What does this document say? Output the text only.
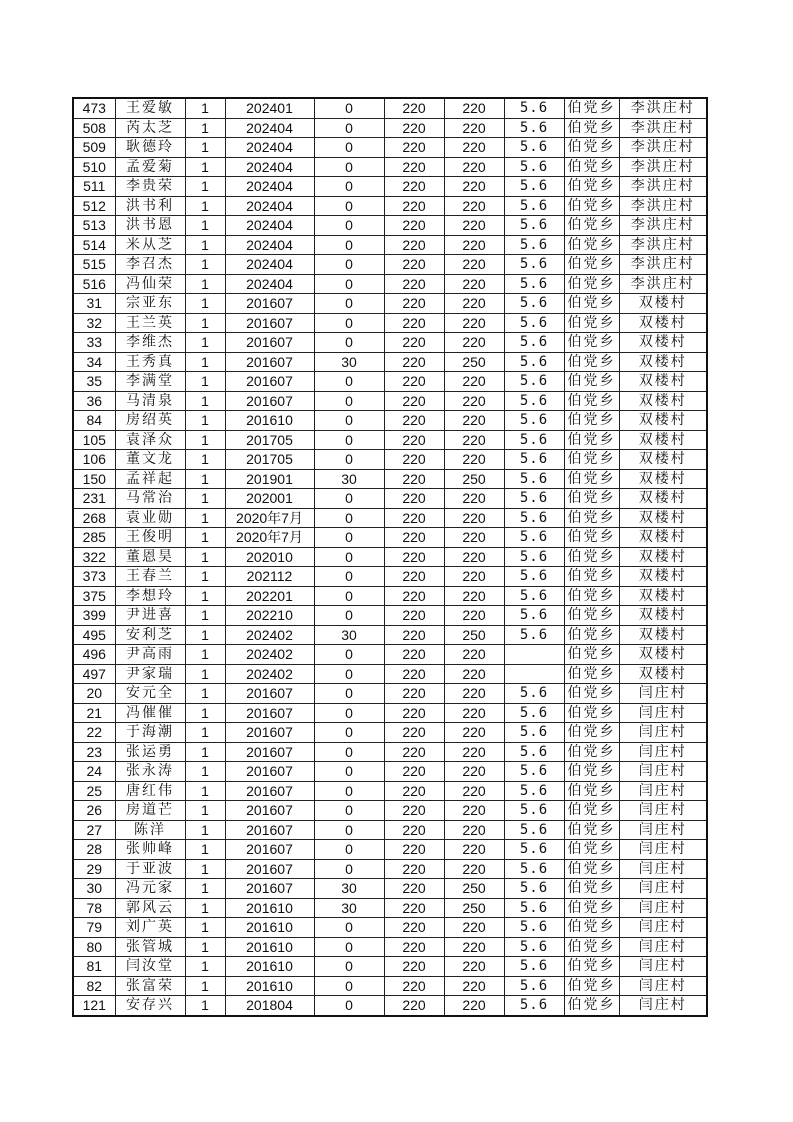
473	王爱敏	1	202401	0	220	220	5.6	伯党乡	李洪庄村
508	芮太芝	1	202404	0	220	220	5.6	伯党乡	李洪庄村
509	耿德玲	1	202404	0	220	220	5.6	伯党乡	李洪庄村
510	孟爱菊	1	202404	0	220	220	5.6	伯党乡	李洪庄村
511	李贵荣	1	202404	0	220	220	5.6	伯党乡	李洪庄村
512	洪书利	1	202404	0	220	220	5.6	伯党乡	李洪庄村
513	洪书恩	1	202404	0	220	220	5.6	伯党乡	李洪庄村
514	米从芝	1	202404	0	220	220	5.6	伯党乡	李洪庄村
515	李召杰	1	202404	0	220	220	5.6	伯党乡	李洪庄村
516	冯仙荣	1	202404	0	220	220	5.6	伯党乡	李洪庄村
31	宗亚东	1	201607	0	220	220	5.6	伯党乡	双楼村
32	王兰英	1	201607	0	220	220	5.6	伯党乡	双楼村
33	李维杰	1	201607	0	220	220	5.6	伯党乡	双楼村
34	王秀真	1	201607	30	220	250	5.6	伯党乡	双楼村
35	李满堂	1	201607	0	220	220	5.6	伯党乡	双楼村
36	马清泉	1	201607	0	220	220	5.6	伯党乡	双楼村
84	房绍英	1	201610	0	220	220	5.6	伯党乡	双楼村
105	袁泽众	1	201705	0	220	220	5.6	伯党乡	双楼村
106	董文龙	1	201705	0	220	220	5.6	伯党乡	双楼村
150	孟祥起	1	201901	30	220	250	5.6	伯党乡	双楼村
231	马常治	1	202001	0	220	220	5.6	伯党乡	双楼村
268	袁业勋	1	2020年7月	0	220	220	5.6	伯党乡	双楼村
285	王俊明	1	2020年7月	0	220	220	5.6	伯党乡	双楼村
322	董恩昊	1	202010	0	220	220	5.6	伯党乡	双楼村
373	王春兰	1	202112	0	220	220	5.6	伯党乡	双楼村
375	李想玲	1	202201	0	220	220	5.6	伯党乡	双楼村
399	尹进喜	1	202210	0	220	220	5.6	伯党乡	双楼村
495	安利芝	1	202402	30	220	250	5.6	伯党乡	双楼村
496	尹高雨	1	202402	0	220	220		伯党乡	双楼村
497	尹家瑞	1	202402	0	220	220		伯党乡	双楼村
20	安元全	1	201607	0	220	220	5.6	伯党乡	闫庄村
21	冯催催	1	201607	0	220	220	5.6	伯党乡	闫庄村
22	于海潮	1	201607	0	220	220	5.6	伯党乡	闫庄村
23	张运勇	1	201607	0	220	220	5.6	伯党乡	闫庄村
24	张永涛	1	201607	0	220	220	5.6	伯党乡	闫庄村
25	唐红伟	1	201607	0	220	220	5.6	伯党乡	闫庄村
26	房道芒	1	201607	0	220	220	5.6	伯党乡	闫庄村
27	陈洋	1	201607	0	220	220	5.6	伯党乡	闫庄村
28	张帅峰	1	201607	0	220	220	5.6	伯党乡	闫庄村
29	于亚波	1	201607	0	220	220	5.6	伯党乡	闫庄村
30	冯元家	1	201607	30	220	250	5.6	伯党乡	闫庄村
78	郭风云	1	201610	30	220	250	5.6	伯党乡	闫庄村
79	刘广英	1	201610	0	220	220	5.6	伯党乡	闫庄村
80	张管城	1	201610	0	220	220	5.6	伯党乡	闫庄村
81	闫汝堂	1	201610	0	220	220	5.6	伯党乡	闫庄村
82	张富荣	1	201610	0	220	220	5.6	伯党乡	闫庄村
121	安存兴	1	201804	0	220	220	5.6	伯党乡	闫庄村
